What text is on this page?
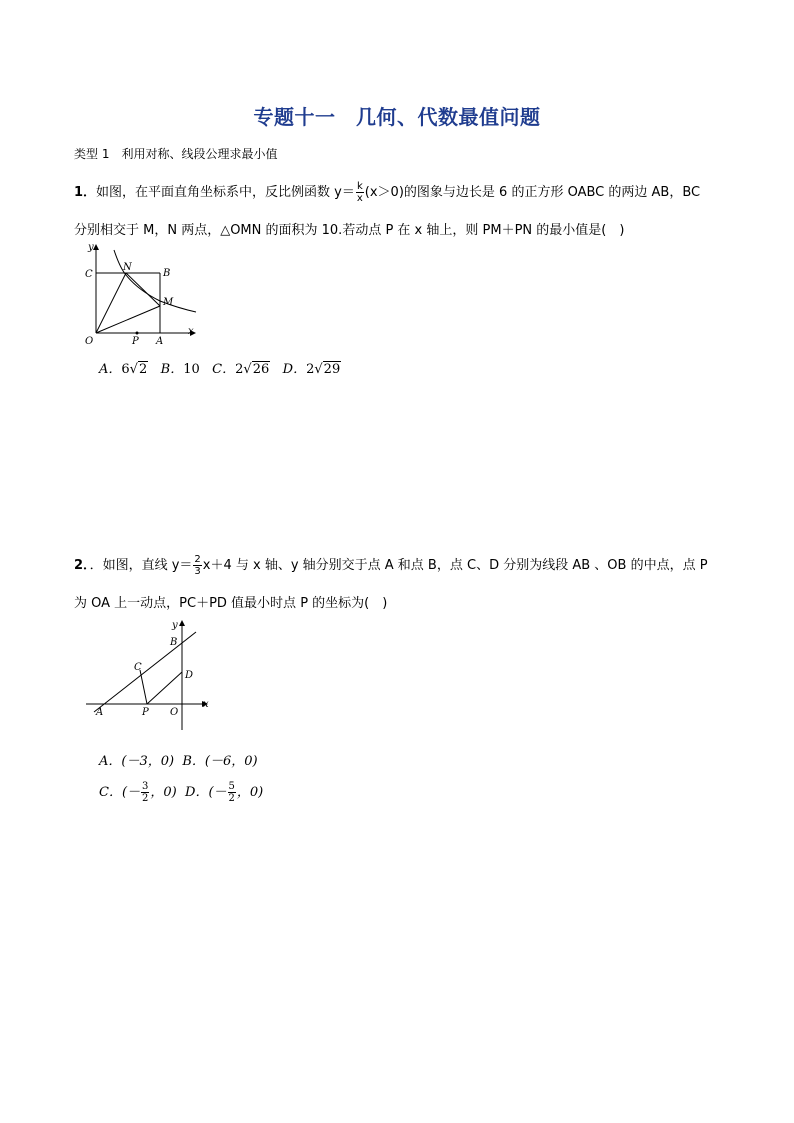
专题十一　几何、代数最值问题
类型 1　利用对称、线段公理求最小值
1．如图，在平面直角坐标系中，反比例函数 $y= \frac{k}{x} (x>0)$的图象与边长是 6 的正方形 OABC 的两边 AB，BC
分别相交于 M，N 两点，△OMN 的面积为 10.若动点 P 在 x 轴上，则 PM＋PN 的最小值是(　)
y
x
C	B
N
M
O	P A
A．6√2 B．10 C．2√26 D．2√29
2．．如图，直线 $y= \frac{2}{3} x+4$ 与 x 轴、y 轴分别交于点 A 和点 B，点 C、D 分别为线段 AB 、OB 的中点，点 P
为 OA 上一动点，PC＋PD 值最小时点 P 的坐标为(　)
y
x
B
C
D
A	P O
A．(－3，0) B．(－6，0)
C．(－ $\frac{3}{2}$ ，0) D．(－ $\frac{5}{2}$ ，0)
